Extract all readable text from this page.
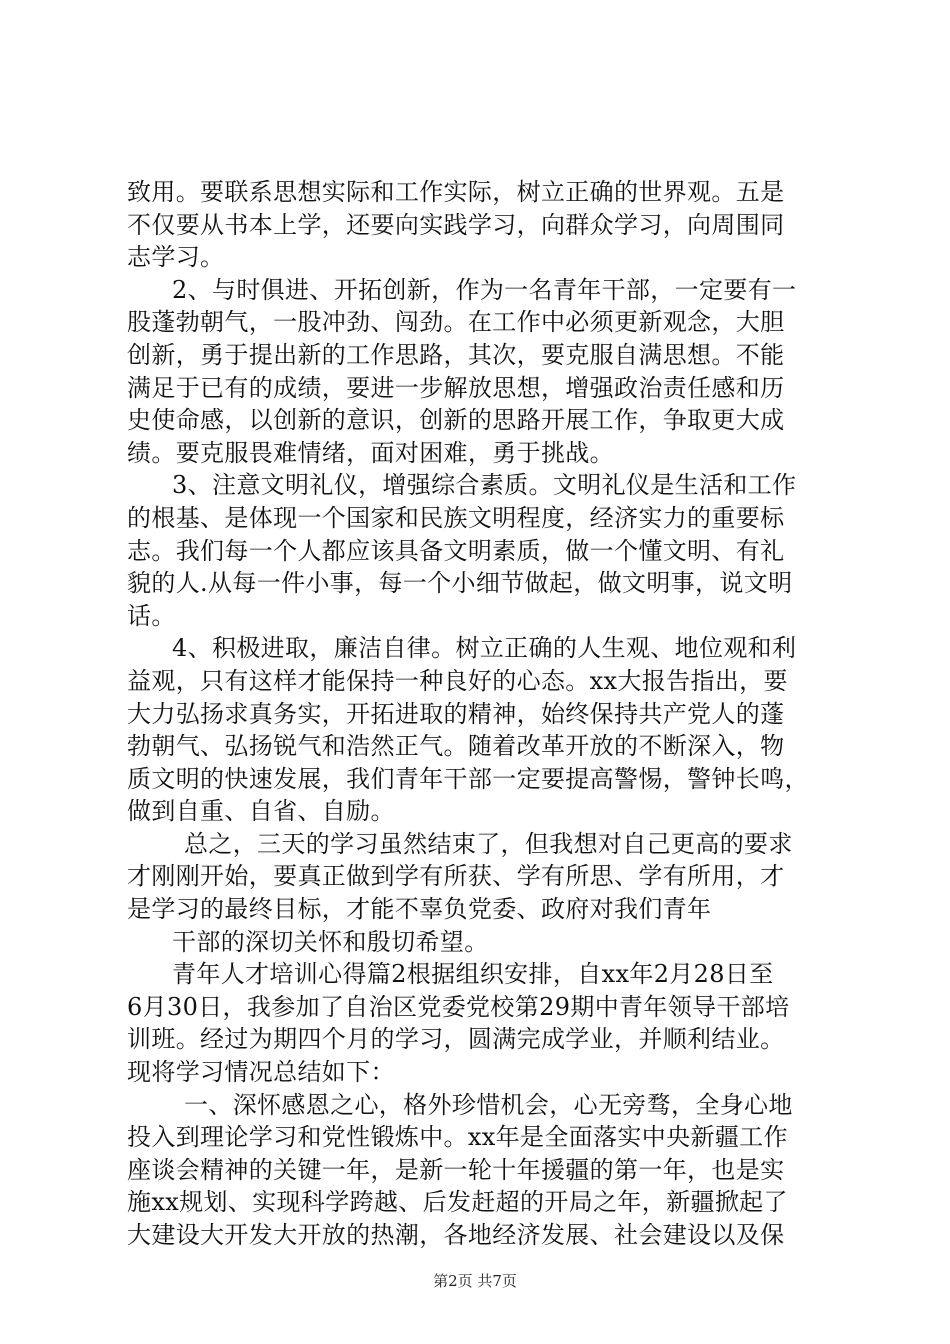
致用。要联系思想实际和工作实际，树立正确的世界观。五是
不仅要从书本上学，还要向实践学习，向群众学习，向周围同
志学习。
2、与时俱进、开拓创新，作为一名青年干部，一定要有一
股蓬勃朝气，一股冲劲、闯劲。在工作中必须更新观念，大胆
创新，勇于提出新的工作思路，其次，要克服自满思想。不能
满足于已有的成绩，要进一步解放思想，增强政治责任感和历
史使命感，以创新的意识，创新的思路开展工作，争取更大成
绩。要克服畏难情绪，面对困难，勇于挑战。
3、注意文明礼仪，增强综合素质。文明礼仪是生活和工作
的根基、是体现一个国家和民族文明程度，经济实力的重要标
志。我们每一个人都应该具备文明素质，做一个懂文明、有礼
貌的人.从每一件小事，每一个小细节做起，做文明事，说文明
话。
4、积极进取，廉洁自律。树立正确的人生观、地位观和利
益观，只有这样才能保持一种良好的心态。xx大报告指出，要
大力弘扬求真务实，开拓进取的精神，始终保持共产党人的蓬
勃朝气、弘扬锐气和浩然正气。随着改革开放的不断深入，物
质文明的快速发展，我们青年干部一定要提高警惕，警钟长鸣，
做到自重、自省、自励。
总之，三天的学习虽然结束了，但我想对自己更高的要求
才刚刚开始，要真正做到学有所获、学有所思、学有所用，才
是学习的最终目标，才能不辜负党委、政府对我们青年
干部的深切关怀和殷切希望。
青年人才培训心得篇2根据组织安排，自xx年2月28日至
6月30日，我参加了自治区党委党校第29期中青年领导干部培
训班。经过为期四个月的学习，圆满完成学业，并顺利结业。
现将学习情况总结如下：
一、深怀感恩之心，格外珍惜机会，心无旁骛，全身心地
投入到理论学习和党性锻炼中。xx年是全面落实中央新疆工作
座谈会精神的关键一年，是新一轮十年援疆的第一年，也是实
施xx规划、实现科学跨越、后发赶超的开局之年，新疆掀起了
大建设大开发大开放的热潮，各地经济发展、社会建设以及保
第2页 共7页
